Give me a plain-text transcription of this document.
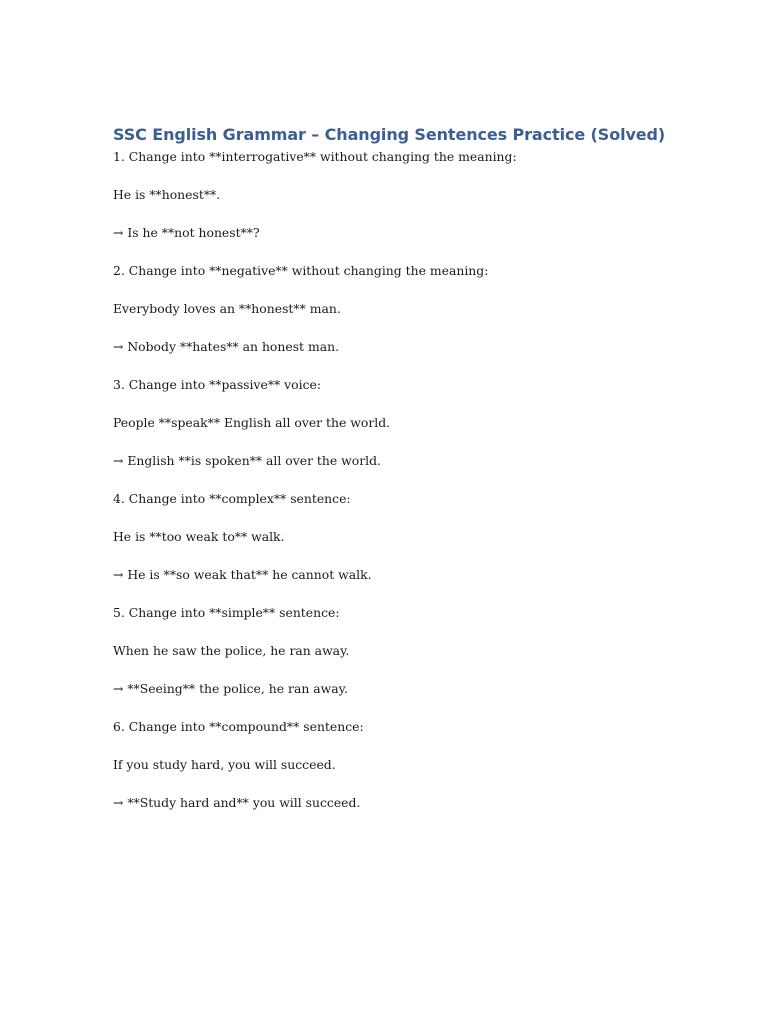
SSC English Grammar – Changing Sentences Practice (Solved)

1. Change into **interrogative** without changing the meaning:

He is **honest**.

→ Is he **not honest**?

2. Change into **negative** without changing the meaning:

Everybody loves an **honest** man.

→ Nobody **hates** an honest man.

3. Change into **passive** voice:

People **speak** English all over the world.

→ English **is spoken** all over the world.

4. Change into **complex** sentence:

He is **too weak to** walk.

→ He is **so weak that** he cannot walk.

5. Change into **simple** sentence:

When he saw the police, he ran away.

→ **Seeing** the police, he ran away.

6. Change into **compound** sentence:

If you study hard, you will succeed.

→ **Study hard and** you will succeed.
